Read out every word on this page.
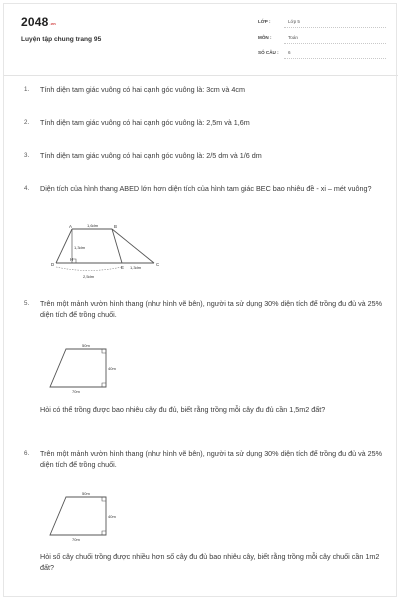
2048.vn
Luyện tập chung trang 95
LỚP :	Lớp 5
MÔN :	Toán
SỐ CÂU : 6
1. Tính diện tam giác vuông có hai cạnh góc vuông là: 3cm và 4cm
2. Tính diện tam giác vuông có hai cạnh góc vuông là: 2,5m và 1,6m
3. Tính diện tam giác vuông có hai cạnh góc vuông là: 2/5 dm và 1/6 dm
4. Diện tích của hình thang ABED lớn hơn diện tích của hình tam giác BEC bao nhiêu đề - xi – mét vuông?
A	B
C
D
E
H
1,6dm
1,3dm
1,3dm
2,5dm
5. Trên một mảnh vườn hình thang (như hình vẽ bên), người ta sử dụng 30% diện tích để trồng đu đủ và 25% diện tích để trồng chuối.
50m
40m
70m
Hỏi có thể trồng được bao nhiêu cây đu đủ, biết rằng trồng mỗi cây đu đủ cần 1,5m2 đất?
6. Trên một mảnh vườn hình thang (như hình vẽ bên), người ta sử dụng 30% diện tích để trồng đu đủ và 25% diện tích để trồng chuối.
50m
40m
70m
Hỏi số cây chuối trồng được nhiều hơn số cây đu đủ bao nhiêu cây, biết rằng trồng mỗi cây chuối cần 1m2 đất?
